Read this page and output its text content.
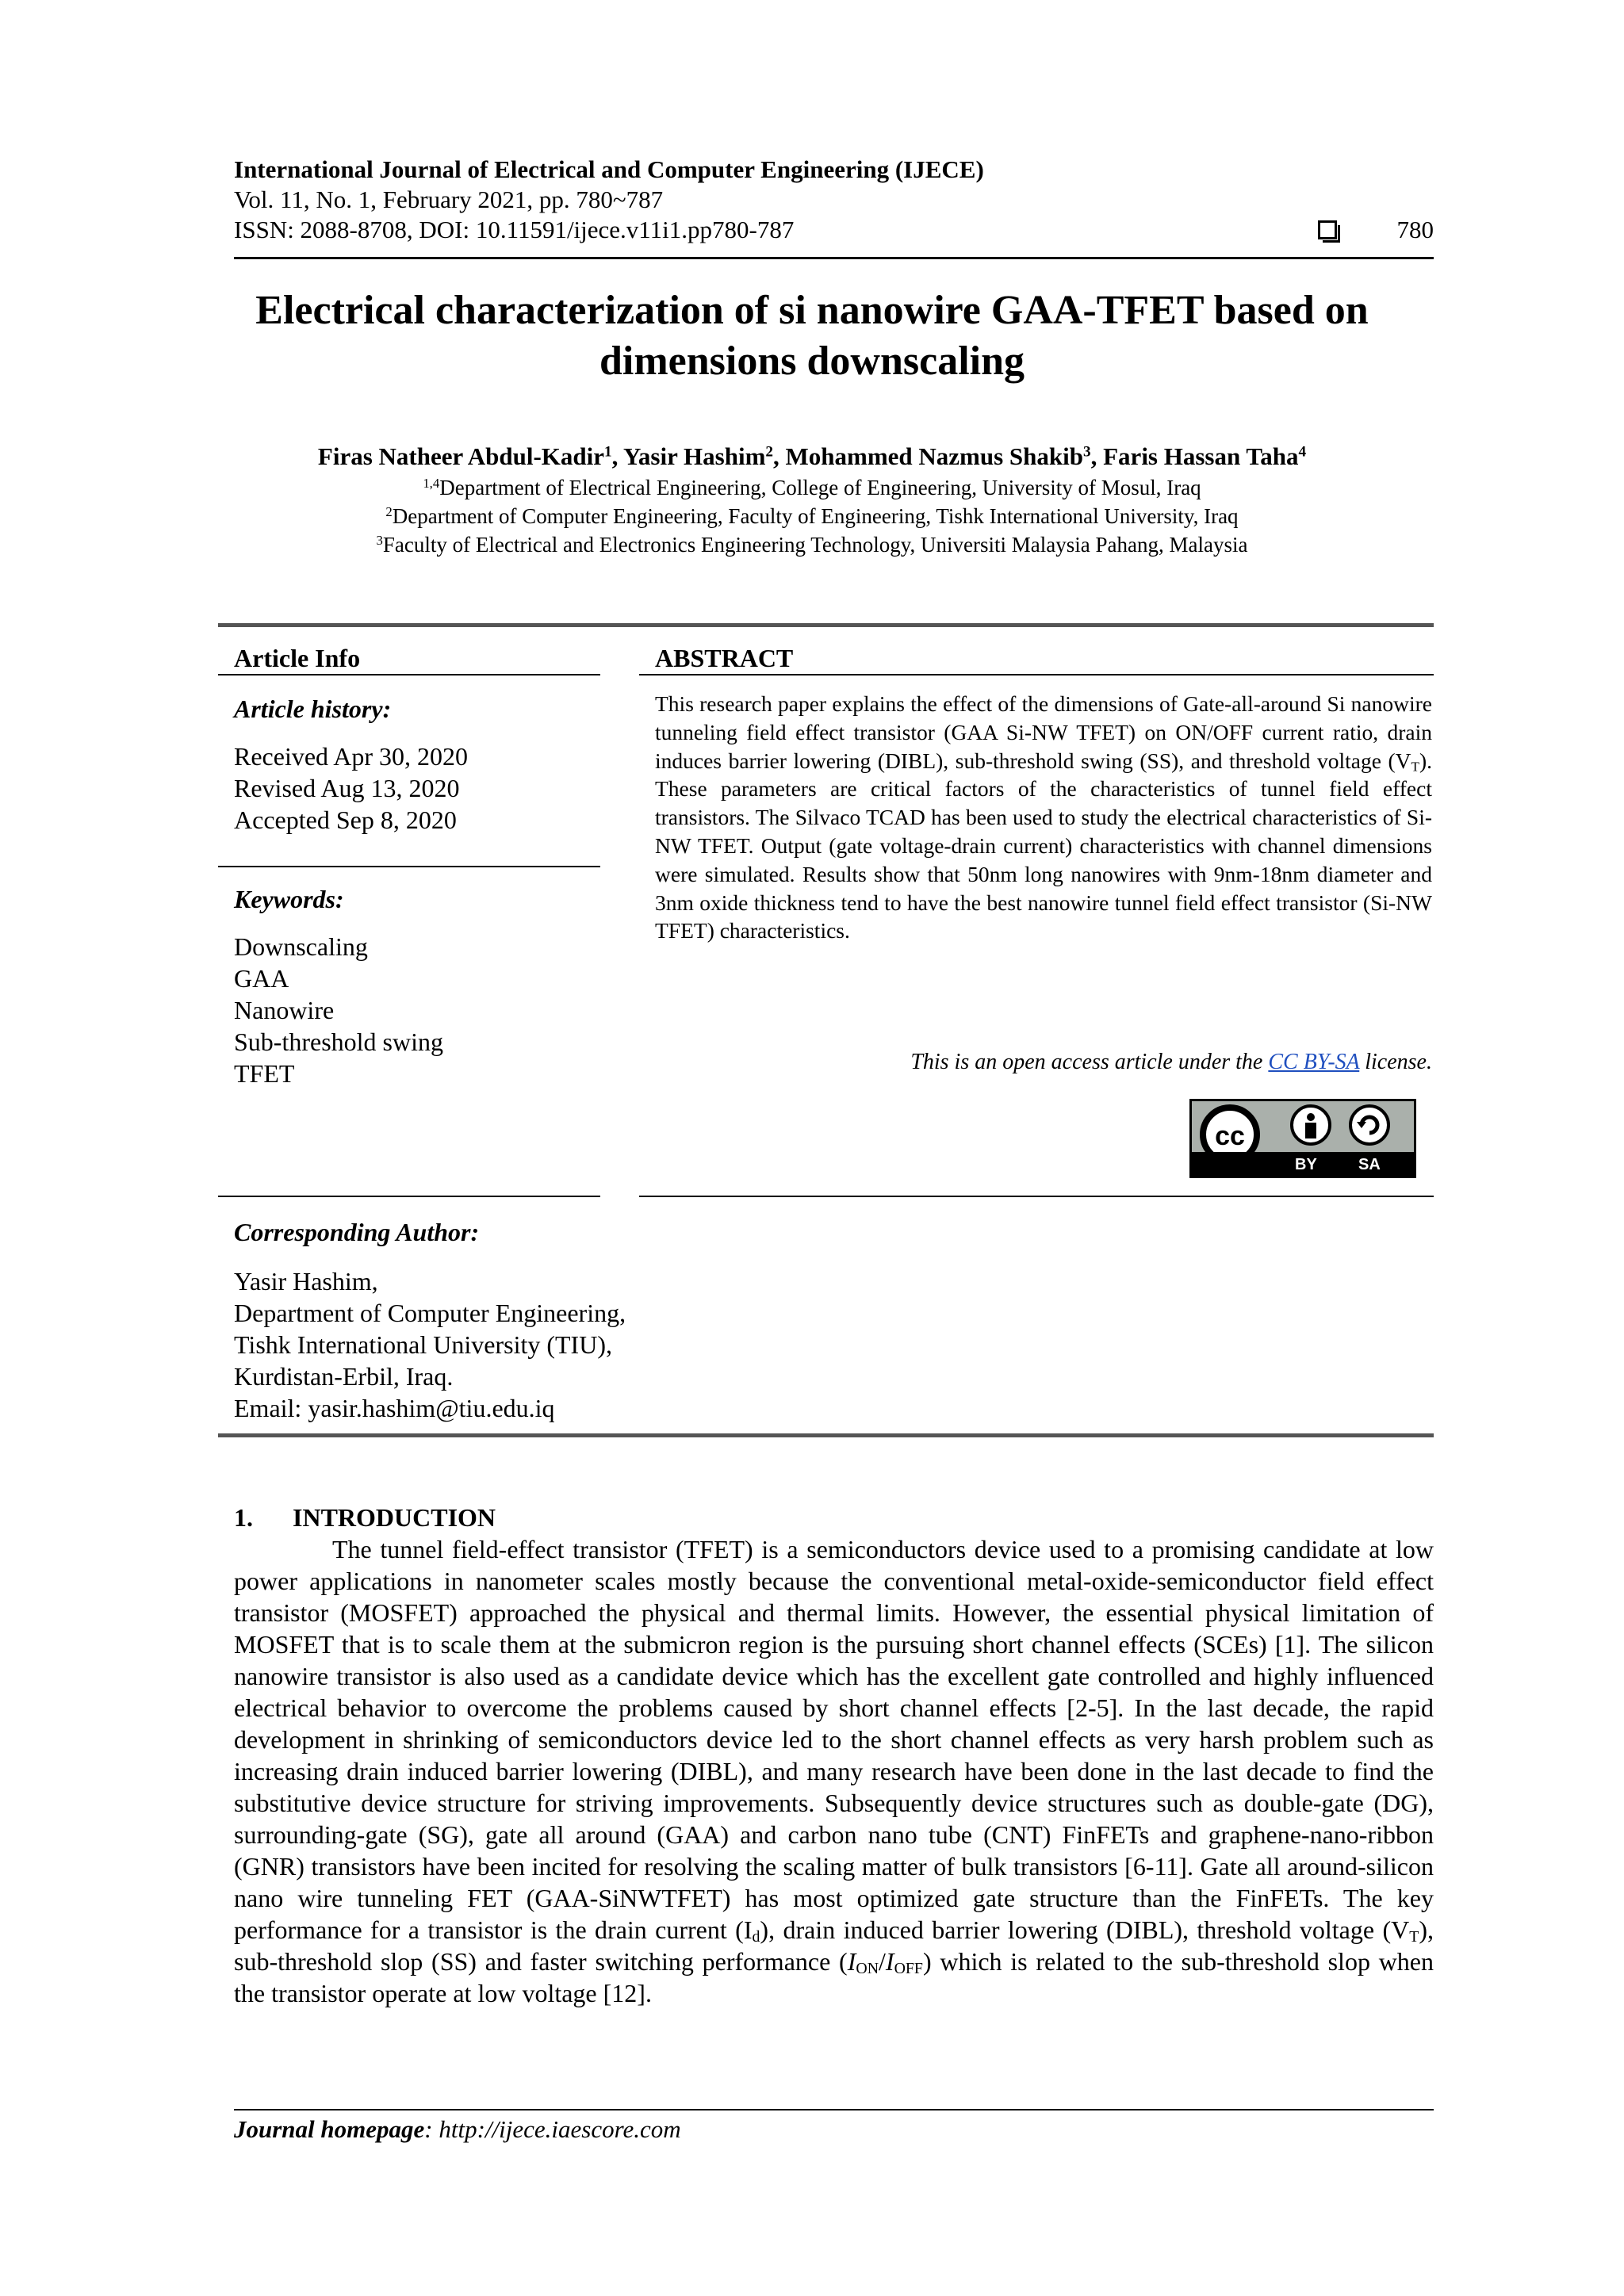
International Journal of Electrical and Computer Engineering (IJECE)
Vol. 11, No. 1, February 2021, pp. 780~787
ISSN: 2088-8708, DOI: 10.11591/ijece.v11i1.pp780-787	780
Electrical characterization of si nanowire GAA-TFET based on dimensions downscaling
Firas Natheer Abdul-Kadir$^1$, Yasir Hashim$^2$, Mohammed Nazmus Shakib$^3$, Faris Hassan Taha$^4$
$^{1,4}$Department of Electrical Engineering, College of Engineering, University of Mosul, Iraq
$^2$Department of Computer Engineering, Faculty of Engineering, Tishk International University, Iraq
$^3$Faculty of Electrical and Electronics Engineering Technology, Universiti Malaysia Pahang, Malaysia
Article Info
Article history:
Received Apr 30, 2020
Revised Aug 13, 2020
Accepted Sep 8, 2020
Keywords:
Downscaling
GAA
Nanowire
Sub-threshold swing
TFET
ABSTRACT
This research paper explains the effect of the dimensions of Gate-all-around Si nanowire tunneling field effect transistor (GAA Si-NW TFET) on ON/OFF current ratio, drain induces barrier lowering (DIBL), sub-threshold swing (SS), and threshold voltage $(V_T)$. These parameters are critical factors of the characteristics of tunnel field effect transistors. The Silvaco TCAD has been used to study the electrical characteristics of Si-NW TFET. Output (gate voltage-drain current) characteristics with channel dimensions were simulated. Results show that 50nm long nanowires with 9nm-18nm diameter and 3nm oxide thickness tend to have the best nanowire tunnel field effect transistor (Si-NW TFET) characteristics.
This is an open access article under the CC BY-SA license.
cc
BY	SA
Corresponding Author:
Yasir Hashim,
Department of Computer Engineering,
Tishk International University (TIU),
Kurdistan-Erbil, Iraq.
Email: yasir.hashim@tiu.edu.iq
1. INTRODUCTION
The tunnel field-effect transistor (TFET) is a semiconductors device used to a promising candidate at low power applications in nanometer scales mostly because the conventional metal-oxide-semiconductor field effect transistor (MOSFET) approached the physical and thermal limits. However, the essential physical limitation of MOSFET that is to scale them at the submicron region is the pursuing short channel effects (SCEs) [1]. The silicon nanowire transistor is also used as a candidate device which has the excellent gate controlled and highly influenced electrical behavior to overcome the problems caused by short channel effects [2-5]. In the last decade, the rapid development in shrinking of semiconductors device led to the short channel effects as very harsh problem such as increasing drain induced barrier lowering (DIBL), and many research have been done in the last decade to find the substitutive device structure for striving improvements. Subsequently device structures such as double-gate (DG), surrounding-gate (SG), gate all around (GAA) and carbon nano tube (CNT) FinFETs and graphene-nano-ribbon (GNR) transistors have been incited for resolving the scaling matter of bulk transistors [6-11]. Gate all around-silicon nano wire tunneling FET (GAA-SiNWTFET) has most optimized gate structure than the FinFETs. The key performance for a transistor is the drain current $(I_d)$, drain induced barrier lowering (DIBL), threshold voltage $(V_T)$, sub-threshold slop (SS) and faster switching performance $(I_{ON}/I_{OFF})$ which is related to the sub-threshold slop when the transistor operate at low voltage [12].
Journal homepage: http://ijece.iaescore.com
